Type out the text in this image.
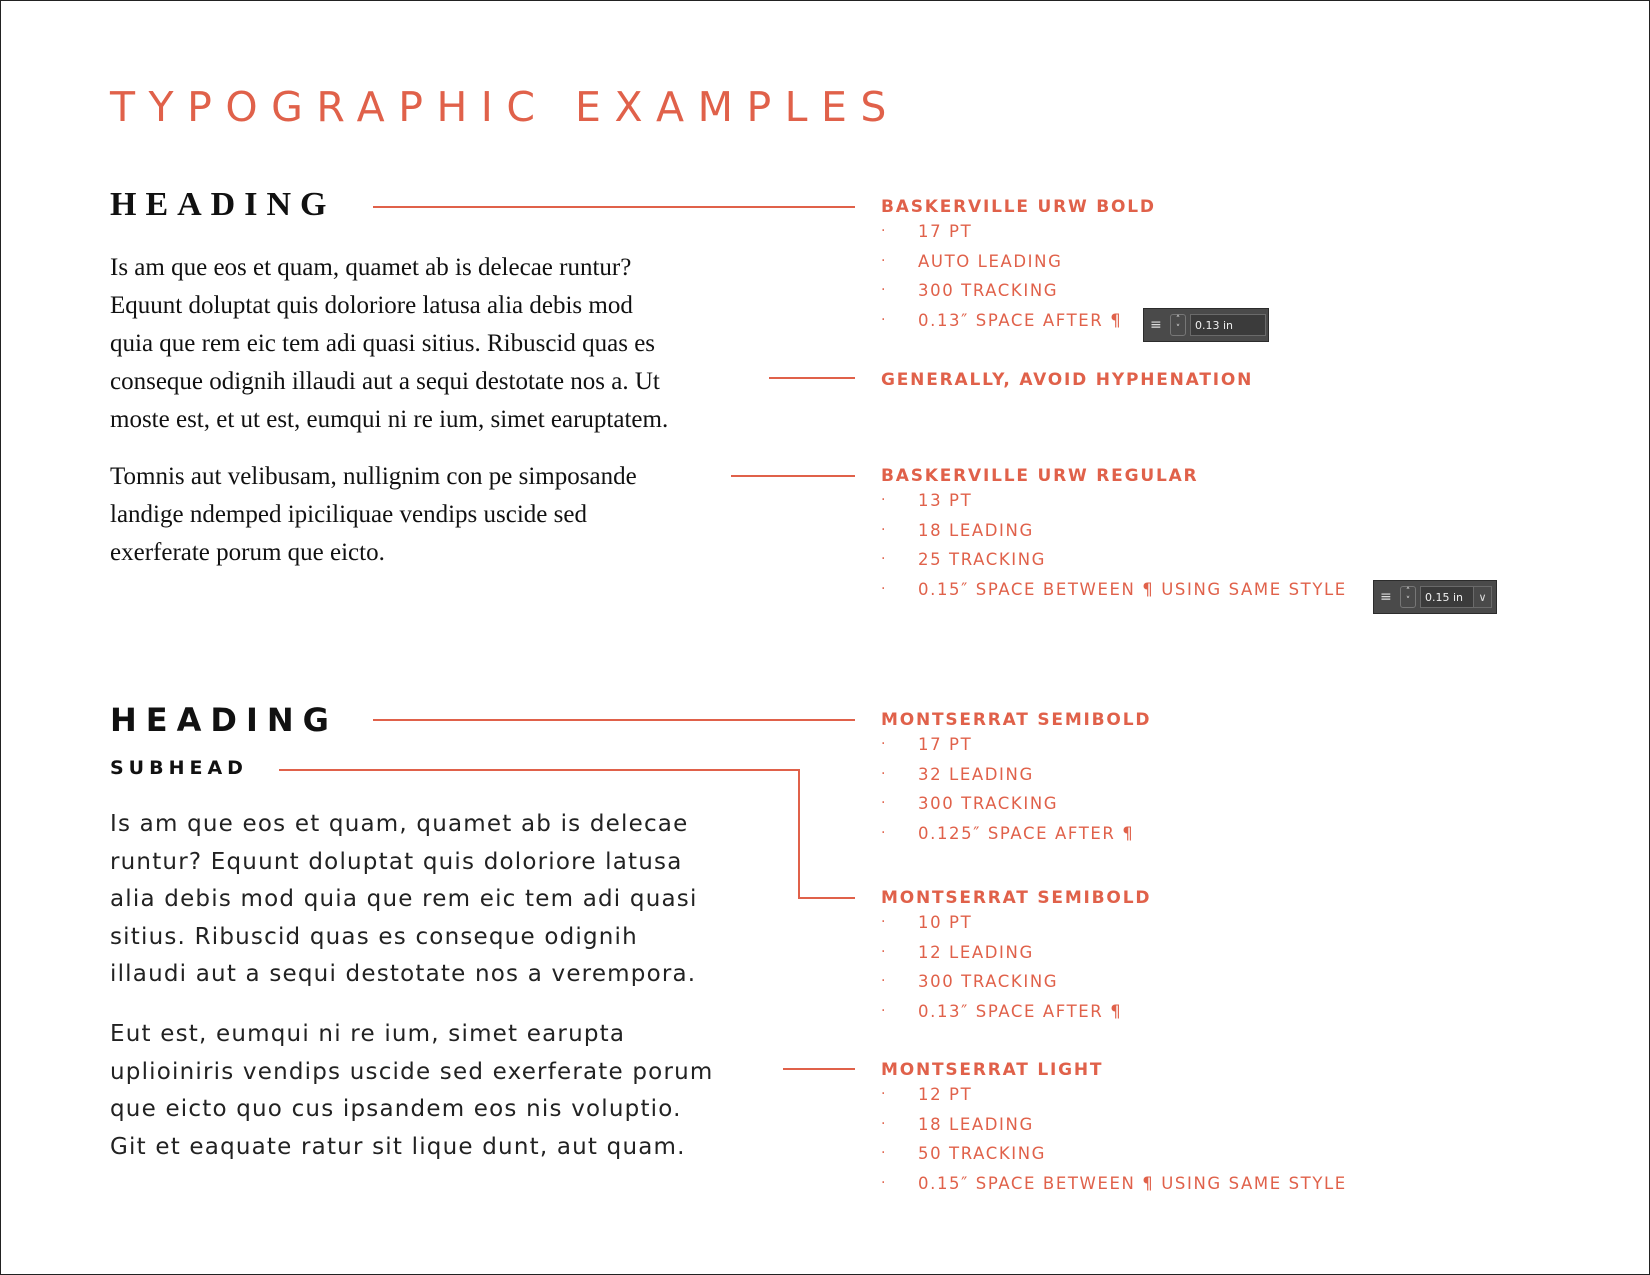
TYPOGRAPHIC EXAMPLES
HEADING
Is am que eos et quam, quamet ab is delecae runtur?
Equunt doluptat quis doloriore latusa alia debis mod
quia que rem eic tem adi quasi sitius. Ribuscid quas es
conseque odignih illaudi aut a sequi destotate nos a. Ut
moste est, et ut est, eumqui ni re ium, simet earuptatem.
Tomnis aut velibusam, nullignim con pe simposande
landige ndemped ipiciliquae vendips uscide sed
exerferate porum que eicto.
BASKERVILLE URW BOLD
· 17 PT
· AUTO LEADING
· 300 TRACKING
· 0.13″ SPACE AFTER ¶	≡	˄
˅	0.13 in
GENERALLY, AVOID HYPHENATION
BASKERVILLE URW REGULAR
· 13 PT
· 18 LEADING
· 25 TRACKING
· 0.15″ SPACE BETWEEN ¶ USING SAME STYLE ≡	˄
˅	0.15 in	∨
HEADING
SUBHEAD
Is am que eos et quam, quamet ab is delecae
runtur? Equunt doluptat quis doloriore latusa
alia debis mod quia que rem eic tem adi quasi
sitius. Ribuscid quas es conseque odignih
illaudi aut a sequi destotate nos a verempora.
Eut est, eumqui ni re ium, simet earupta
uplioiniris vendips uscide sed exerferate porum
que eicto quo cus ipsandem eos nis voluptio.
Git et eaquate ratur sit lique dunt, aut quam.
MONTSERRAT SEMIBOLD
· 17 PT
· 32 LEADING
· 300 TRACKING
· 0.125″ SPACE AFTER ¶
MONTSERRAT SEMIBOLD
· 10 PT
· 12 LEADING
· 300 TRACKING
· 0.13″ SPACE AFTER ¶
MONTSERRAT LIGHT
· 12 PT
· 18 LEADING
· 50 TRACKING
· 0.15″ SPACE BETWEEN ¶ USING SAME STYLE
